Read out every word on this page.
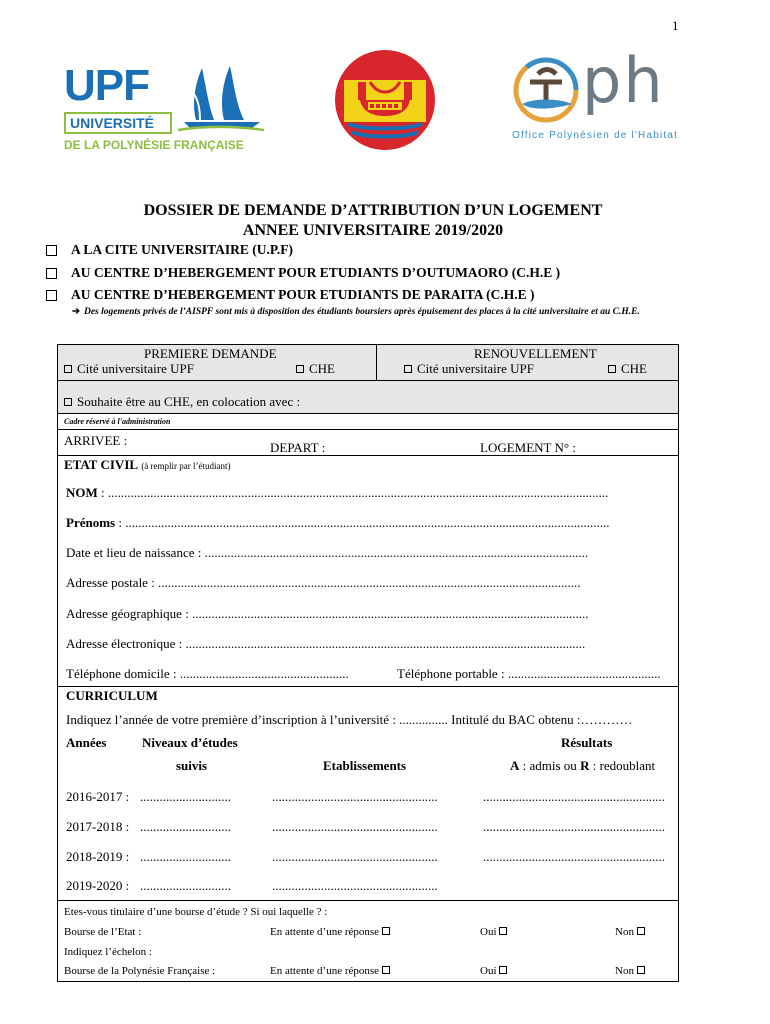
1
UPF
UNIVERSITÉ
DE LA POLYNÉSIE FRANÇAISE
ph
Office Polynésien de l'Habitat
DOSSIER DE DEMANDE D’ATTRIBUTION D’UN LOGEMENT
ANNEE UNIVERSITAIRE 2019/2020
A LA CITE UNIVERSITAIRE (U.P.F)
AU CENTRE D’HEBERGEMENT POUR ETUDIANTS D’OUTUMAORO (C.H.E )
AU CENTRE D’HEBERGEMENT POUR ETUDIANTS DE PARAITA (C.H.E )
➔ Des logements privés de l’AISPF sont mis à disposition des étudiants boursiers après épuisement des places à la cité universitaire et au C.H.E.
PREMIERE DEMANDE
Cité universitaire UPF	CHE
RENOUVELLEMENT
Cité universitaire UPF	CHE
Souhaite être au CHE, en colocation avec :
Cadre réservé à l'administration
ARRIVEE :	DEPART :	LOGEMENT N° :
ETAT CIVIL (à remplir par l’étudiant)
NOM : ..........................................................................................................................................................
Prénoms : .....................................................................................................................................................
Date et lieu de naissance : ......................................................................................................................
Adresse postale : ..................................................................................................................................
Adresse géographique : ..........................................................................................................................
Adresse électronique : ...........................................................................................................................
Téléphone domicile : ....................................................	Téléphone portable : ...............................................
CURRICULUM
Indiquez l’année de votre première d’inscription à l’université : ............... Intitulé du BAC obtenu :…………
Années	Niveaux d’études
suivis	Etablissements
Résultats
A : admis ou R : redoublant
2016-2017 : ............................	...................................................	........................................................
2017-2018 : ............................	...................................................	........................................................
2018-2019 : ............................	...................................................	........................................................
2019-2020 : ............................	...................................................
Etes-vous titulaire d’une bourse d’étude ? Si oui laquelle ? :
Bourse de l’Etat :	En attente d’une réponse	Oui	Non
Indiquez l’échelon :
Bourse de la Polynésie Française :	En attente d’une réponse	Oui	Non
